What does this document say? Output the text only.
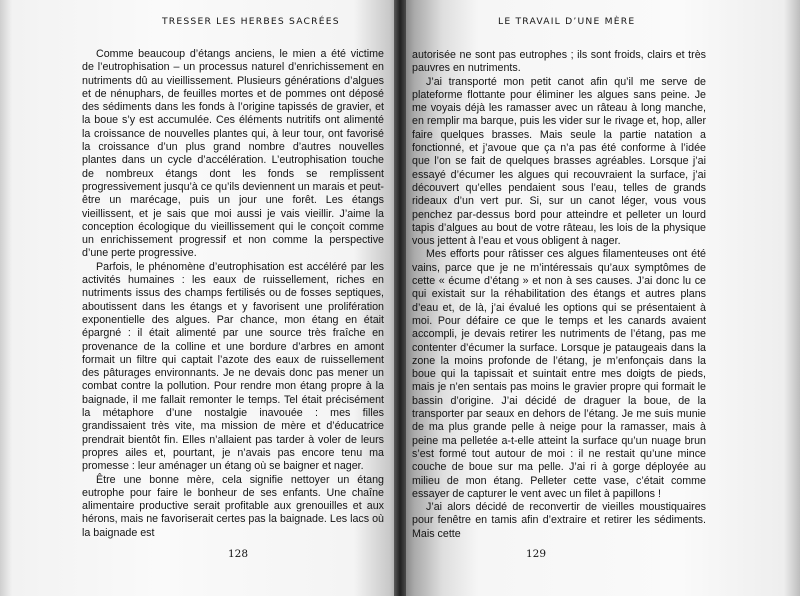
TRESSER LES HERBES SACRÉES

Comme beaucoup d’étangs anciens, le mien a été victime de l’eutrophisation – un processus naturel d’enrichissement en nutriments dû au vieillissement. Plusieurs générations d’algues et de nénuphars, de feuilles mortes et de pommes ont déposé des sédiments dans les fonds à l’origine tapissés de gravier, et la boue s’y est accumulée. Ces éléments nutritifs ont alimenté la croissance de nouvelles plantes qui, à leur tour, ont favorisé la croissance d’un plus grand nombre d’autres nouvelles plantes dans un cycle d’accélération. L’eutrophisation touche de nombreux étangs dont les fonds se remplissent progressivement jusqu’à ce qu’ils deviennent un marais et peut-être un marécage, puis un jour une forêt. Les étangs vieillissent, et je sais que moi aussi je vais vieillir. J’aime la conception écologique du vieillissement qui le conçoit comme un enrichissement progressif et non comme la perspective d’une perte progressive.

Parfois, le phénomène d’eutrophisation est accéléré par les activités humaines : les eaux de ruissellement, riches en nutriments issus des champs fertilisés ou de fosses septiques, aboutissent dans les étangs et y favorisent une prolifération exponentielle des algues. Par chance, mon étang en était épargné : il était alimenté par une source très fraîche en provenance de la colline et une bordure d’arbres en amont formait un filtre qui captait l’azote des eaux de ruissellement des pâturages environnants. Je ne devais donc pas mener un combat contre la pollution. Pour rendre mon étang propre à la baignade, il me fallait remonter le temps. Tel était précisément la métaphore d’une nostalgie inavouée : mes filles grandissaient très vite, ma mission de mère et d’éducatrice prendrait bientôt fin. Elles n’allaient pas tarder à voler de leurs propres ailes et, pourtant, je n’avais pas encore tenu ma promesse : leur aménager un étang où se baigner et nager.

Être une bonne mère, cela signifie nettoyer un étang eutrophe pour faire le bonheur de ses enfants. Une chaîne alimentaire productive serait profitable aux grenouilles et aux hérons, mais ne favoriserait certes pas la baignade. Les lacs où la baignade est

128
LE TRAVAIL D’UNE MÈRE

autorisée ne sont pas eutrophes ; ils sont froids, clairs et très pauvres en nutriments.

J’ai transporté mon petit canot afin qu’il me serve de plateforme flottante pour éliminer les algues sans peine. Je me voyais déjà les ramasser avec un râteau à long manche, en remplir ma barque, puis les vider sur le rivage et, hop, aller faire quelques brasses. Mais seule la partie natation a fonctionné, et j’avoue que ça n’a pas été conforme à l’idée que l’on se fait de quelques brasses agréables. Lorsque j’ai essayé d’écumer les algues qui recouvraient la surface, j’ai découvert qu’elles pendaient sous l’eau, telles de grands rideaux d’un vert pur. Si, sur un canot léger, vous vous penchez par-dessus bord pour atteindre et pelleter un lourd tapis d’algues au bout de votre râteau, les lois de la physique vous jettent à l’eau et vous obligent à nager.

Mes efforts pour râtisser ces algues filamenteuses ont été vains, parce que je ne m’intéressais qu’aux symptômes de cette « écume d’étang » et non à ses causes. J’ai donc lu ce qui existait sur la réhabilitation des étangs et autres plans d’eau et, de là, j’ai évalué les options qui se présentaient à moi. Pour défaire ce que le temps et les canards avaient accompli, je devais retirer les nutriments de l’étang, pas me contenter d’écumer la surface. Lorsque je pataugeais dans la zone la moins profonde de l’étang, je m’enfonçais dans la boue qui la tapissait et suintait entre mes doigts de pieds, mais je n’en sentais pas moins le gravier propre qui formait le bassin d’origine. J’ai décidé de draguer la boue, de la transporter par seaux en dehors de l’étang. Je me suis munie de ma plus grande pelle à neige pour la ramasser, mais à peine ma pelletée a-t-elle atteint la surface qu’un nuage brun s’est formé tout autour de moi : il ne restait qu’une mince couche de boue sur ma pelle. J’ai ri à gorge déployée au milieu de mon étang. Pelleter cette vase, c’était comme essayer de capturer le vent avec un filet à papillons !

J’ai alors décidé de reconvertir de vieilles moustiquaires pour fenêtre en tamis afin d’extraire et retirer les sédiments. Mais cette

129
